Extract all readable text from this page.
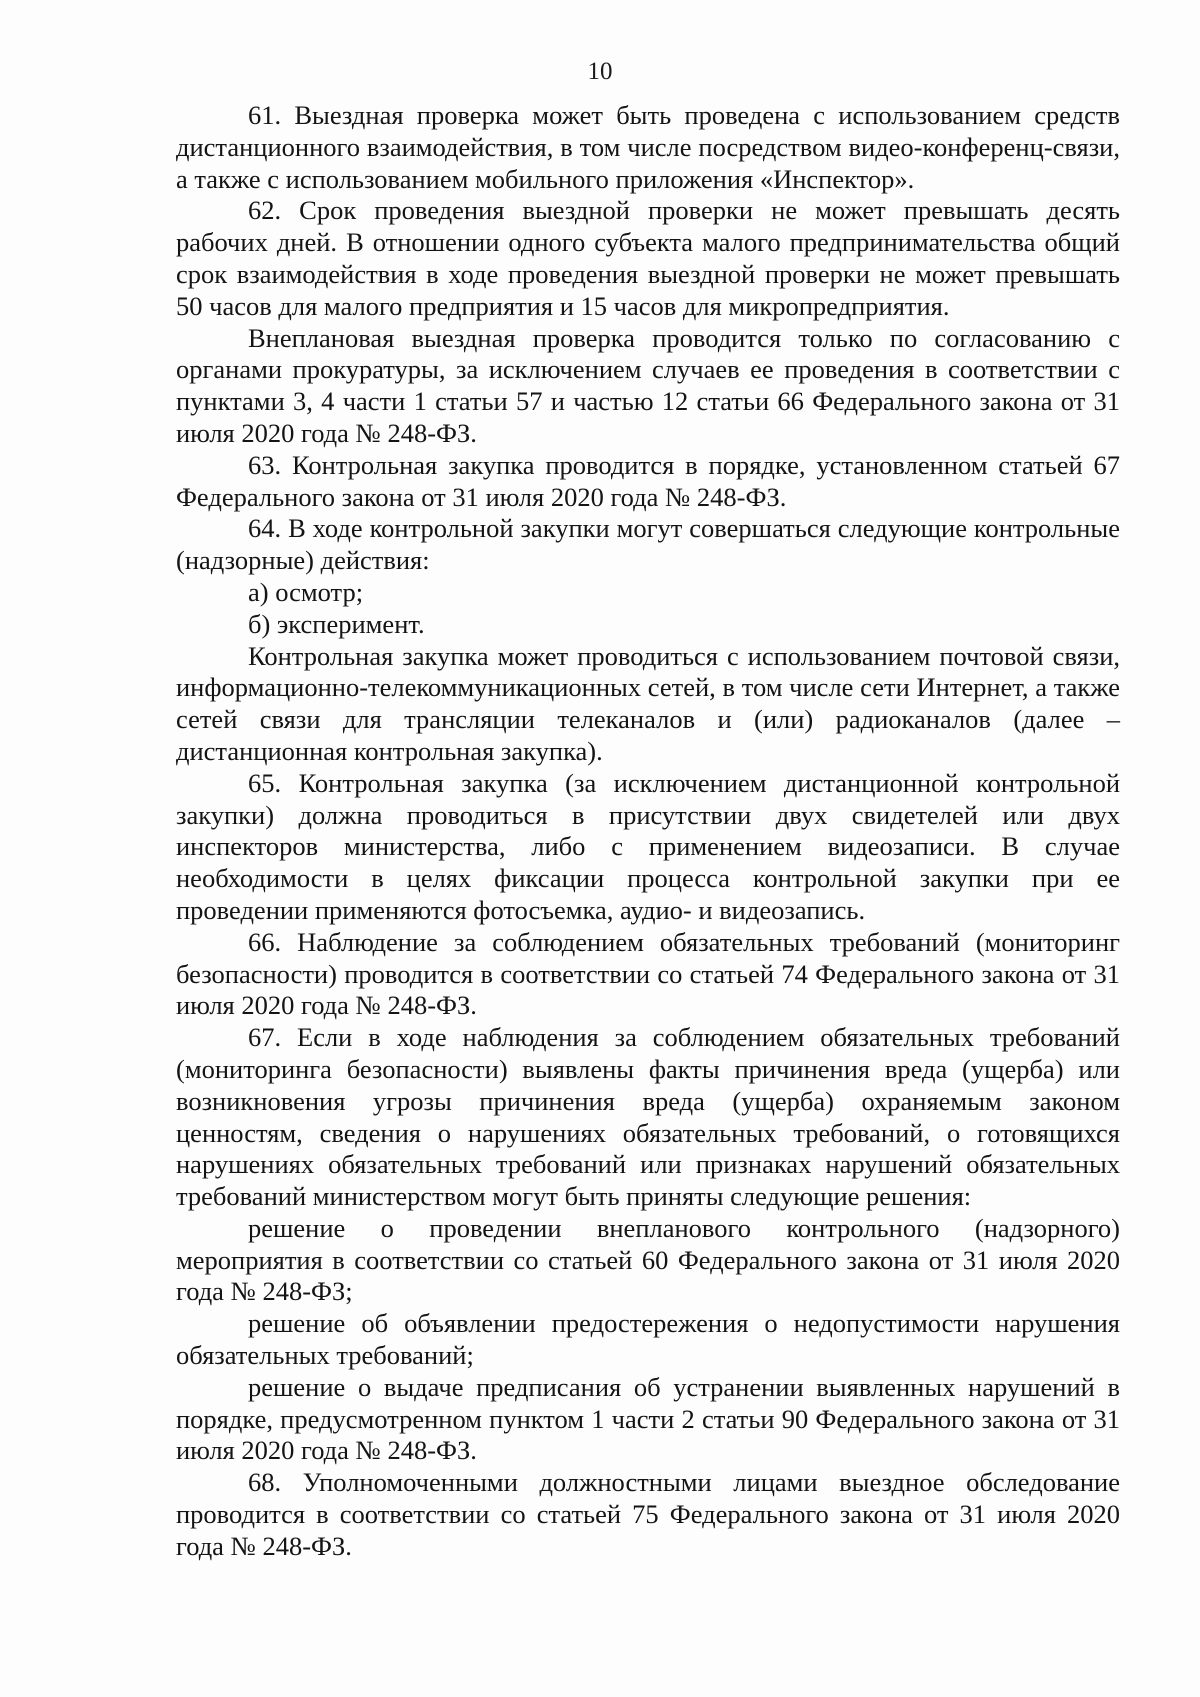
10

61. Выездная проверка может быть проведена с использованием средств дистанционного взаимодействия, в том числе посредством видео-конференц-связи, а также с использованием мобильного приложения «Инспектор».

62. Срок проведения выездной проверки не может превышать десять рабочих дней. В отношении одного субъекта малого предпринимательства общий срок взаимодействия в ходе проведения выездной проверки не может превышать 50 часов для малого предприятия и 15 часов для микропредприятия.

Внеплановая выездная проверка проводится только по согласованию с органами прокуратуры, за исключением случаев ее проведения в соответствии с пунктами 3, 4 части 1 статьи 57 и частью 12 статьи 66 Федерального закона от 31 июля 2020 года № 248-ФЗ.

63. Контрольная закупка проводится в порядке, установленном статьей 67 Федерального закона от 31 июля 2020 года № 248-ФЗ.

64. В ходе контрольной закупки могут совершаться следующие контрольные (надзорные) действия:

а) осмотр;

б) эксперимент.

Контрольная закупка может проводиться с использованием почтовой связи, информационно-телекоммуникационных сетей, в том числе сети Интернет, а также сетей связи для трансляции телеканалов и (или) радиоканалов (далее – дистанционная контрольная закупка).

65. Контрольная закупка (за исключением дистанционной контрольной закупки) должна проводиться в присутствии двух свидетелей или двух инспекторов министерства, либо с применением видеозаписи. В случае необходимости в целях фиксации процесса контрольной закупки при ее проведении применяются фотосъемка, аудио- и видеозапись.

66. Наблюдение за соблюдением обязательных требований (мониторинг безопасности) проводится в соответствии со статьей 74 Федерального закона от 31 июля 2020 года № 248-ФЗ.

67. Если в ходе наблюдения за соблюдением обязательных требований (мониторинга безопасности) выявлены факты причинения вреда (ущерба) или возникновения угрозы причинения вреда (ущерба) охраняемым законом ценностям, сведения о нарушениях обязательных требований, о готовящихся нарушениях обязательных требований или признаках нарушений обязательных требований министерством могут быть приняты следующие решения:

решение о проведении внепланового контрольного (надзорного) мероприятия в соответствии со статьей 60 Федерального закона от 31 июля 2020 года № 248-ФЗ;

решение об объявлении предостережения о недопустимости нарушения обязательных требований;

решение о выдаче предписания об устранении выявленных нарушений в порядке, предусмотренном пунктом 1 части 2 статьи 90 Федерального закона от 31 июля 2020 года № 248-ФЗ.

68. Уполномоченными должностными лицами выездное обследование проводится в соответствии со статьей 75 Федерального закона от 31 июля 2020 года № 248-ФЗ.
